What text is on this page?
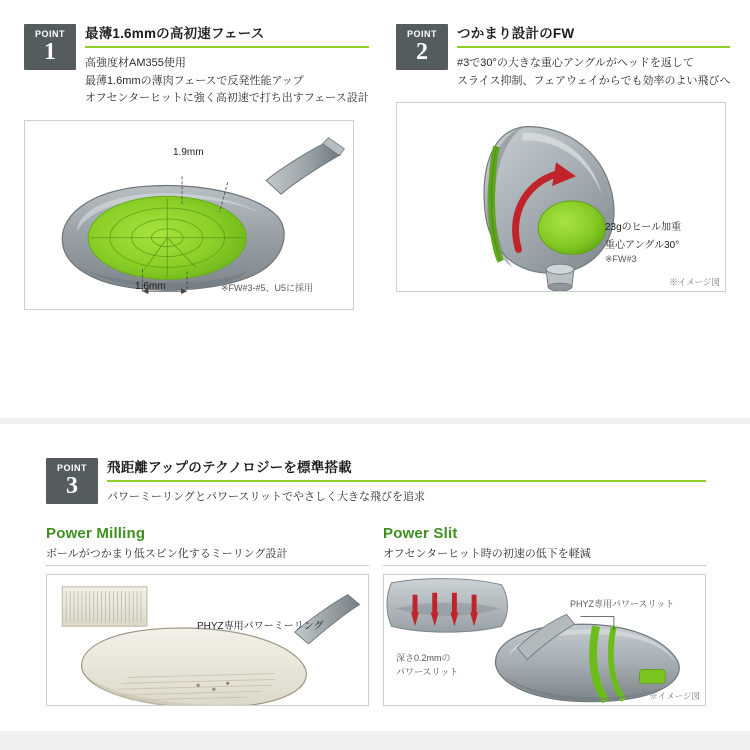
POINT
1
最薄1.6mmの高初速フェース
高強度材AM355使用
最薄1.6mmの薄肉フェースで反発性能アップ
オフセンターヒットに強く高初速で打ち出すフェース設計
1.9mm
1.6mm	※FW#3-#5、U5に採用
POINT
2
つかまり設計のFW
#3で30°の大きな重心アングルがヘッドを返して
スライス抑制、フェアウェイからでも効率のよい飛びへ
23gのヒール加重
重心アングル30°
※FW#3
※イメージ図
POINT
3
飛距離アップのテクノロジーを標準搭載
パワーミーリングとパワースリットでやさしく大きな飛びを追求
Power Milling
ボールがつかまり低スピン化するミーリング設計
PHYZ専用パワーミーリング
Power Slit
オフセンターヒット時の初速の低下を軽減
PHYZ専用パワースリット
深さ0.2mmの
パワースリット
※イメージ図
